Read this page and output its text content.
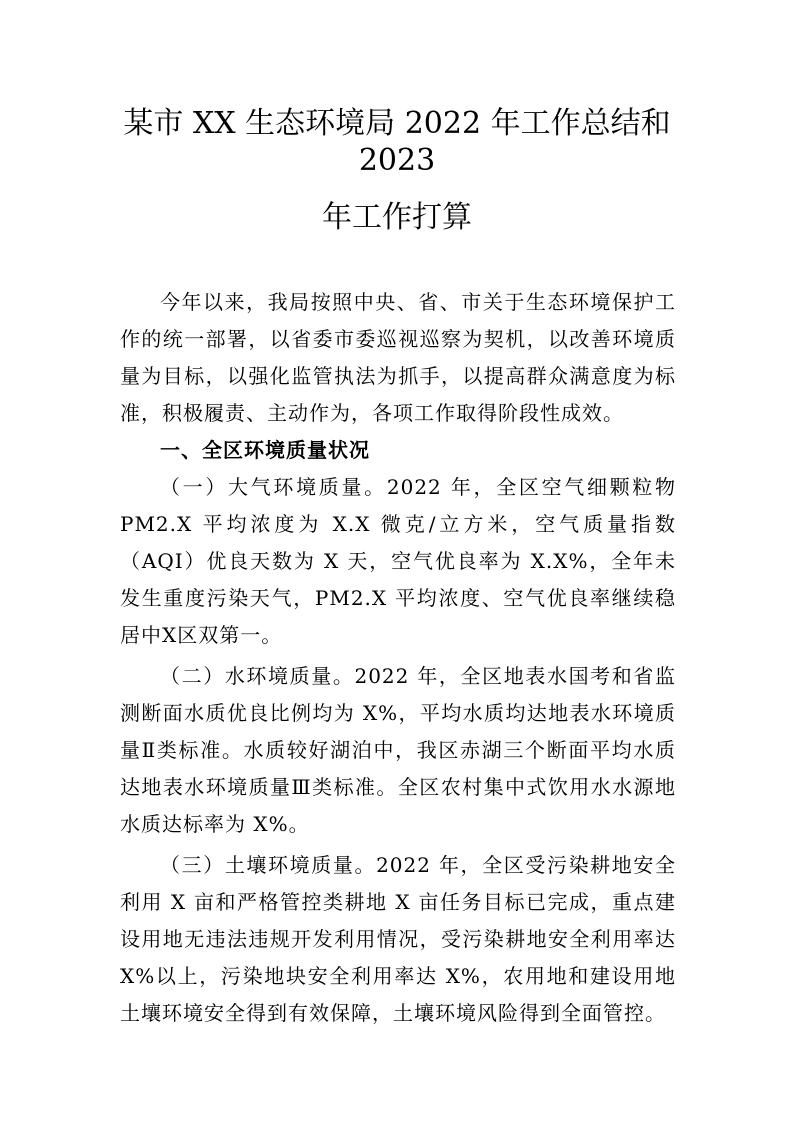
某市 XX 生态环境局 2022 年工作总结和
2023
年工作打算

今年以来，我局按照中央、省、市关于生态环境保护工作的统一部署，以省委市委巡视巡察为契机，以改善环境质量为目标，以强化监管执法为抓手，以提高群众满意度为标准，积极履责、主动作为，各项工作取得阶段性成效。

一、全区环境质量状况

（一）大气环境质量。2022 年，全区空气细颗粒物 PM2.X 平均浓度为 X.X 微克/立方米，空气质量指数（AQI）优良天数为 X 天，空气优良率为 X.X%，全年未发生重度污染天气，PM2.X 平均浓度、空气优良率继续稳居中X区双第一。

（二）水环境质量。2022 年，全区地表水国考和省监测断面水质优良比例均为 X%，平均水质均达地表水环境质量Ⅱ类标准。水质较好湖泊中，我区赤湖三个断面平均水质达地表水环境质量Ⅲ类标准。全区农村集中式饮用水水源地水质达标率为 X%。

（三）土壤环境质量。2022 年，全区受污染耕地安全利用 X 亩和严格管控类耕地 X 亩任务目标已完成，重点建设用地无违法违规开发利用情况，受污染耕地安全利用率达 X%以上，污染地块安全利用率达 X%，农用地和建设用地土壤环境安全得到有效保障，土壤环境风险得到全面管控。
